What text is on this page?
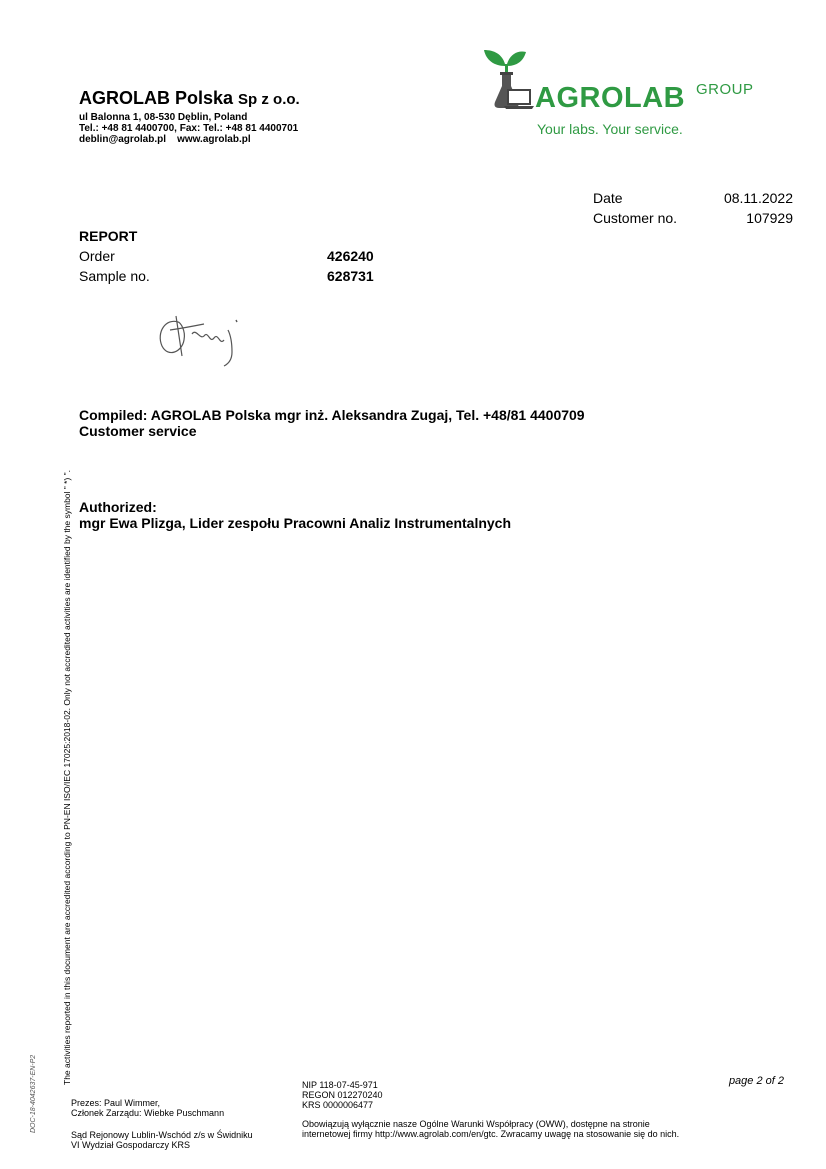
AGROLAB Polska Sp z o.o.
ul Balonna 1, 08-530 Dęblin, Poland
Tel.: +48 81 4400700, Fax: Tel.: +48 81 4400701
deblin@agrolab.pl    www.agrolab.pl
AGROLAB GROUP
Your labs. Your service.
Date	08.11.2022
Customer no.	107929
REPORT
Order	426240
Sample no.	628731
Compiled: AGROLAB Polska mgr inż. Aleksandra Zugaj, Tel. +48/81 4400709
Customer service
Authorized:
mgr Ewa Plizga, Lider zespołu Pracowni Analiz Instrumentalnych
The activities reported in this document are accredited according to PN-EN ISO/IEC 17025:2018-02. Only not accredited activities are identified by the symbol " *) ".
DOC-18-4042637-EN-P2	page 2 of 2
Prezes: Paul Wimmer,
Członek Zarządu: Wiebke Puschmann
Sąd Rejonowy Lublin-Wschód z/s w Świdniku
VI Wydział Gospodarczy KRS
NIP 118-07-45-971
REGON 012270240
KRS 0000006477
Obowiązują wyłącznie nasze Ogólne Warunki Współpracy (OWW), dostępne na stronie
internetowej firmy http://www.agrolab.com/en/gtc. Zwracamy uwagę na stosowanie się do nich.
